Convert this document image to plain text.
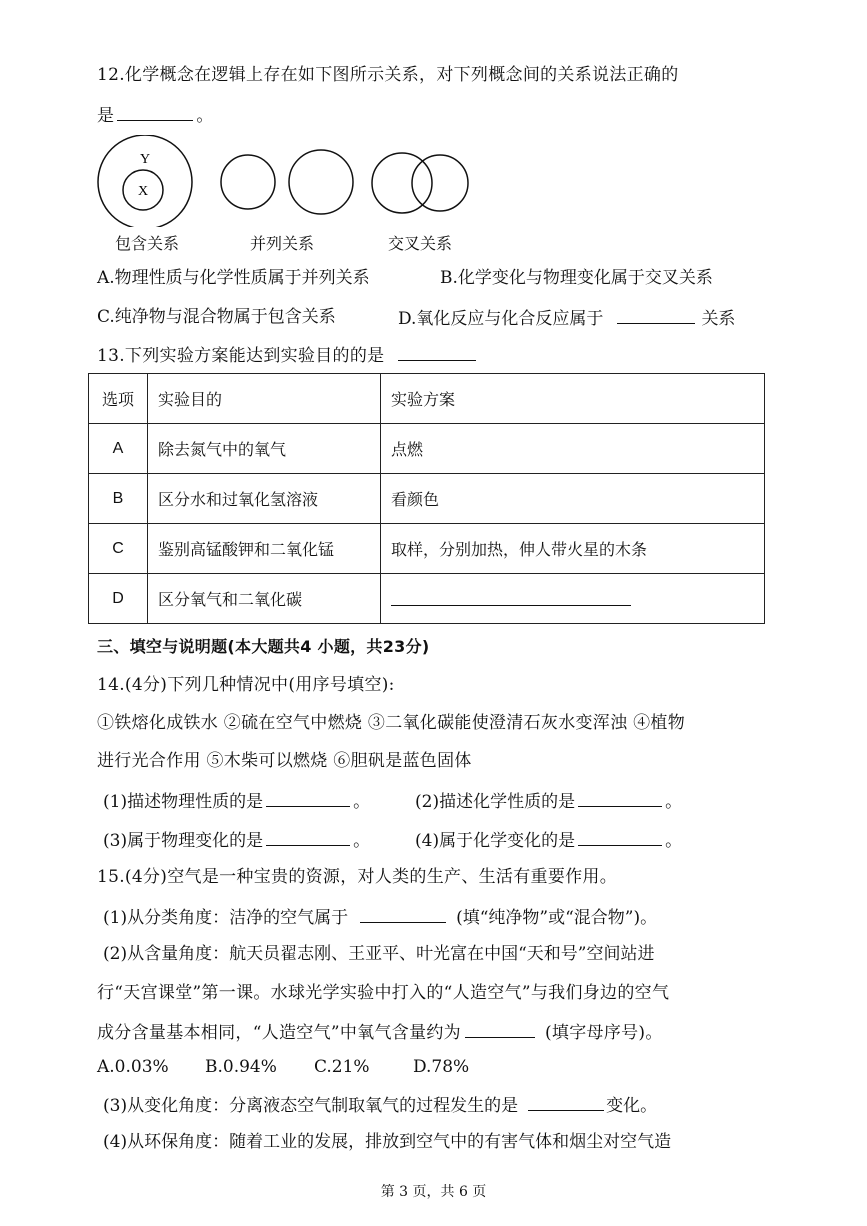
12.化学概念在逻辑上存在如下图所示关系，对下列概念间的关系说法正确的
是	。
Y
X
包含关系	并列关系	交叉关系
A.物理性质与化学性质属于并列关系	B.化学变化与物理变化属于交叉关系
C.纯净物与混合物属于包含关系	D.氧化反应与化合反应属于	关系
13.下列实验方案能达到实验目的的是
选项	实验目的	实验方案
A	除去氮气中的氧气	点燃
B	区分水和过氧化氢溶液	看颜色
C	鉴别高锰酸钾和二氧化锰	取样，分别加热，伸人带火星的木条
D	区分氧气和二氧化碳	
三、填空与说明题(本大题共4 小题，共23分)
14.(4分)下列几种情况中(用序号填空):
①铁熔化成铁水 ②硫在空气中燃烧 ③二氧化碳能使澄清石灰水变浑浊 ④植物
进行光合作用 ⑤木柴可以燃烧 ⑥胆矾是蓝色固体
(1)描述物理性质的是	。	(2)描述化学性质的是	。
(3)属于物理变化的是	。	(4)属于化学变化的是	。
15.(4分)空气是一种宝贵的资源，对人类的生产、生活有重要作用。
(1)从分类角度：洁净的空气属于	(填“纯净物”或“混合物”)。
(2)从含量角度：航天员翟志刚、王亚平、叶光富在中国“天和号”空间站进
行“天宫课堂”第一课。水球光学实验中打入的“人造空气”与我们身边的空气
成分含量基本相同，“人造空气”中氧气含量约为	(填字母序号)。
A.0.03% B.0.94% C.21%	D.78%
(3)从变化角度：分离液态空气制取氧气的过程发生的是	变化。
(4)从环保角度：随着工业的发展，排放到空气中的有害气体和烟尘对空气造
第 3 页，共 6 页
